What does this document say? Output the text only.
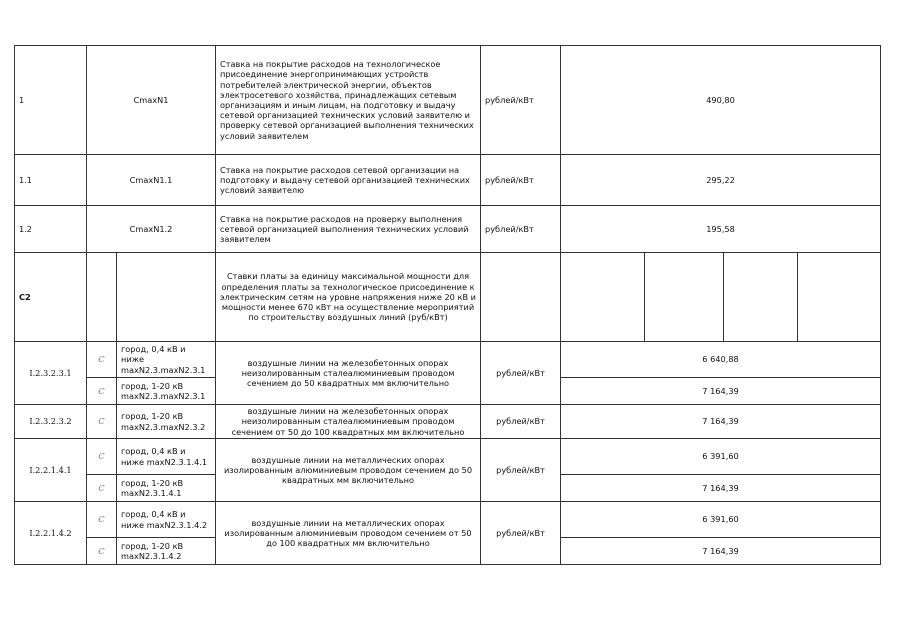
1	CmaxN1		Ставка на покрытие расходов на технологическое присоединение энергопринимающих устройств потребителей электрической энергии, объектов электросетевого хозяйства, принадлежащих сетевым организациям и иным лицам, на подготовку и выдачу сетевой организацией технических условий заявителю и проверку сетевой организацией выполнения технических условий заявителем	рублей/кВт	490,80
1.1	CmaxN1.1		Ставка на покрытие расходов сетевой организации на подготовку и выдачу сетевой организацией технических условий заявителю	рублей/кВт	295,22
1.2	CmaxN1.2		Ставка на покрытие расходов на проверку выполнения сетевой организацией выполнения технических условий заявителем	рублей/кВт	195,58
С2			Ставки платы за единицу максимальной мощности для определения платы за технологическое присоединение к электрическим сетям на уровне напряжения ниже 20 кВ и мощности менее 670 кВт на осуществление мероприятий по строительству воздушных линий (руб/кВт)		

I.2.3.2.3.1	C	город, 0,4 кВ и ниже maxN2.3.maxN2.3.1	воздушные линии на железобетонных опорах неизолированным сталеалюминиевым проводом сечением до 50 квадратных мм включительно	рублей/кВт	6 640,88
	C	город, 1-20 кВ maxN2.3.maxN2.3.1			7 164,39
I.2.3.2.3.2	C	город, 1-20 кВ maxN2.3.maxN2.3.2	воздушные линии на железобетонных опорах неизолированным сталеалюминиевым проводом сечением от 50 до 100 квадратных мм включительно	рублей/кВт	7 164,39
I.2.2.1.4.1	C	город, 0,4 кВ и ниже maxN2.3.1.4.1	воздушные линии на металлических опорах изолированным алюминиевым проводом сечением до 50 квадратных мм включительно	рублей/кВт	6 391,60
	C	город, 1-20 кВ maxN2.3.1.4.1			7 164,39
I.2.2.1.4.2	C	город, 0,4 кВ и ниже maxN2.3.1.4.2	воздушные линии на металлических опорах изолированным алюминиевым проводом сечением от 50 до 100 квадратных мм включительно	рублей/кВт	6 391,60
	C	город, 1-20 кВ maxN2.3.1.4.2			7 164,39
